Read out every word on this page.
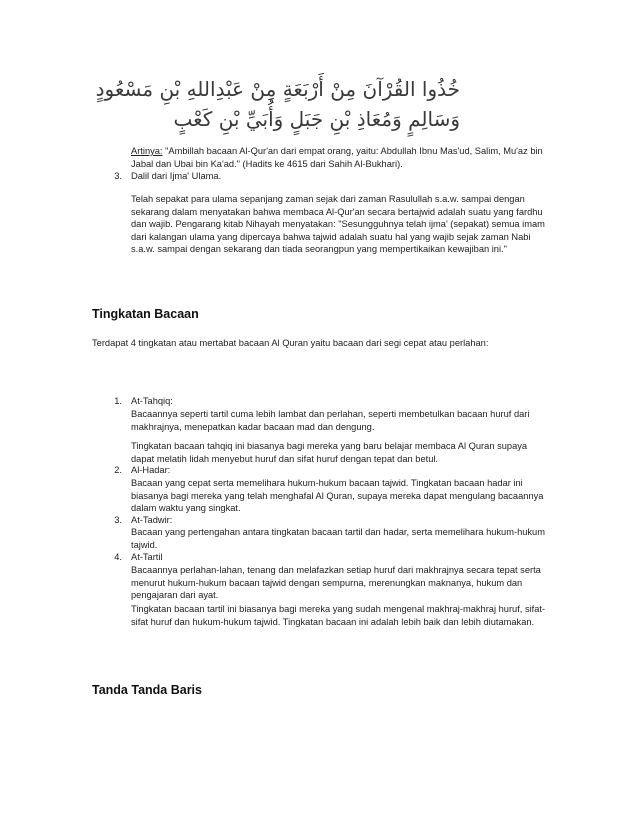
خُذُوا القُرْآنَ مِنْ أَرْبَعَةٍ مِنْ عَبْدِاللهِ بْنِ مَسْعُودٍ
وَسَالِمٍ وَمُعَاذِ بْنِ جَبَلٍ وَأُبَيِّ بْنِ كَعْبٍ
Artinya: "Ambillah bacaan Al-Qur'an dari empat orang, yaitu: Abdullah Ibnu Mas'ud, Salim, Mu'az bin Jabal dan Ubai bin Ka'ad." (Hadits ke 4615 dari Sahih Al-Bukhari).
3. Dalil dari Ijma' Ulama.
Telah sepakat para ulama sepanjang zaman sejak dari zaman Rasulullah s.a.w. sampai dengan sekarang dalam menyatakan bahwa membaca Al-Qur'an secara bertajwid adalah suatu yang fardhu dan wajib. Pengarang kitab Nihayah menyatakan: "Sesungguhnya telah ijma' (sepakat) semua imam dari kalangan ulama yang dipercaya bahwa tajwid adalah suatu hal yang wajib sejak zaman Nabi s.a.w. sampai dengan sekarang dan tiada seorangpun yang mempertikaikan kewajiban ini."
Tingkatan Bacaan
Terdapat 4 tingkatan atau mertabat bacaan Al Quran yaitu bacaan dari segi cepat atau perlahan:
1. At-Tahqiq:
Bacaannya seperti tartil cuma lebih lambat dan perlahan, seperti membetulkan bacaan huruf dari makhrajnya, menepatkan kadar bacaan mad dan dengung.
Tingkatan bacaan tahqiq ini biasanya bagi mereka yang baru belajar membaca Al Quran supaya dapat melatih lidah menyebut huruf dan sifat huruf dengan tepat dan betul.
2. Al-Hadar:
Bacaan yang cepat serta memelihara hukum-hukum bacaan tajwid. Tingkatan bacaan hadar ini biasanya bagi mereka yang telah menghafal Al Quran, supaya mereka dapat mengulang bacaannya dalam waktu yang singkat.
3. At-Tadwir:
Bacaan yang pertengahan antara tingkatan bacaan tartil dan hadar, serta memelihara hukum-hukum tajwid.
4. At-Tartil
Bacaannya perlahan-lahan, tenang dan melafazkan setiap huruf dari makhrajnya secara tepat serta menurut hukum-hukum bacaan tajwid dengan sempurna, merenungkan maknanya, hukum dan pengajaran dari ayat.
Tingkatan bacaan tartil ini biasanya bagi mereka yang sudah mengenal makhraj-makhraj huruf, sifat-sifat huruf dan hukum-hukum tajwid. Tingkatan bacaan ini adalah lebih baik dan lebih diutamakan.
Tanda Tanda Baris
